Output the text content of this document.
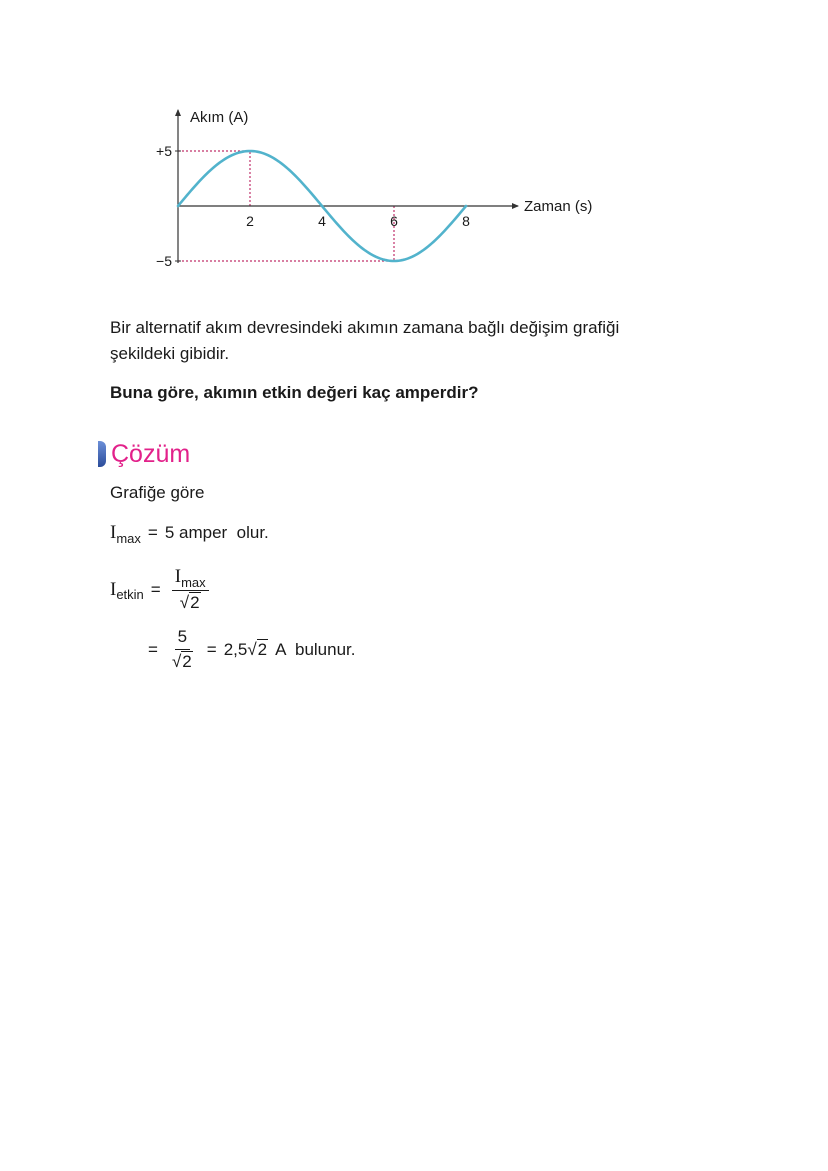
Akım (A)
Zaman (s)
+5
−5
2	4	6	8

Bir alternatif akım devresindeki akımın zamana bağlı değişim grafiği şekildeki gibidir.

Buna göre, akımın etkin değeri kaç amperdir?

Çözüm
Grafiğe göre
I max = 5 amper  olur.
I etkin = $\frac{I_{max}}{√2}$
= $\frac{5}{√2} = 2,5$ √2 A  bulunur.
